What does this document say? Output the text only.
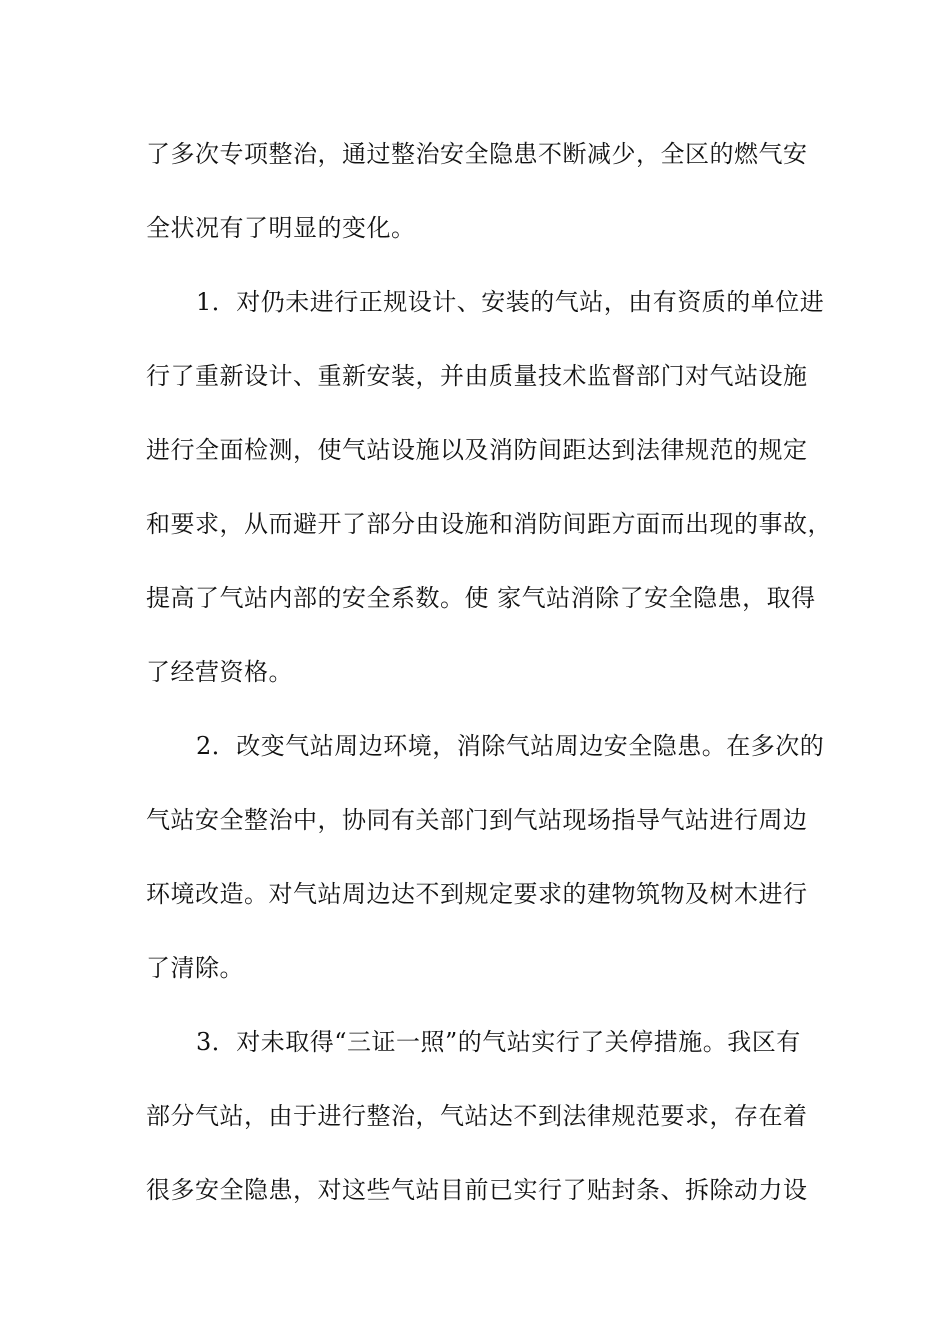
了多次专项整治，通过整治安全隐患不断减少，全区的燃气安
全状况有了明显的变化。
1．对仍未进行正规设计、安装的气站，由有资质的单位进
行了重新设计、重新安装，并由质量技术监督部门对气站设施
进行全面检测，使气站设施以及消防间距达到法律规范的规定
和要求，从而避开了部分由设施和消防间距方面而出现的事故，
提高了气站内部的安全系数。使 家气站消除了安全隐患，取得
了经营资格。
2．改变气站周边环境，消除气站周边安全隐患。在多次的
气站安全整治中，协同有关部门到气站现场指导气站进行周边
环境改造。对气站周边达不到规定要求的建物筑物及树木进行
了清除。
3．对未取得“三证一照”的气站实行了关停措施。我区有
部分气站，由于进行整治，气站达不到法律规范要求，存在着
很多安全隐患，对这些气站目前已实行了贴封条、拆除动力设
